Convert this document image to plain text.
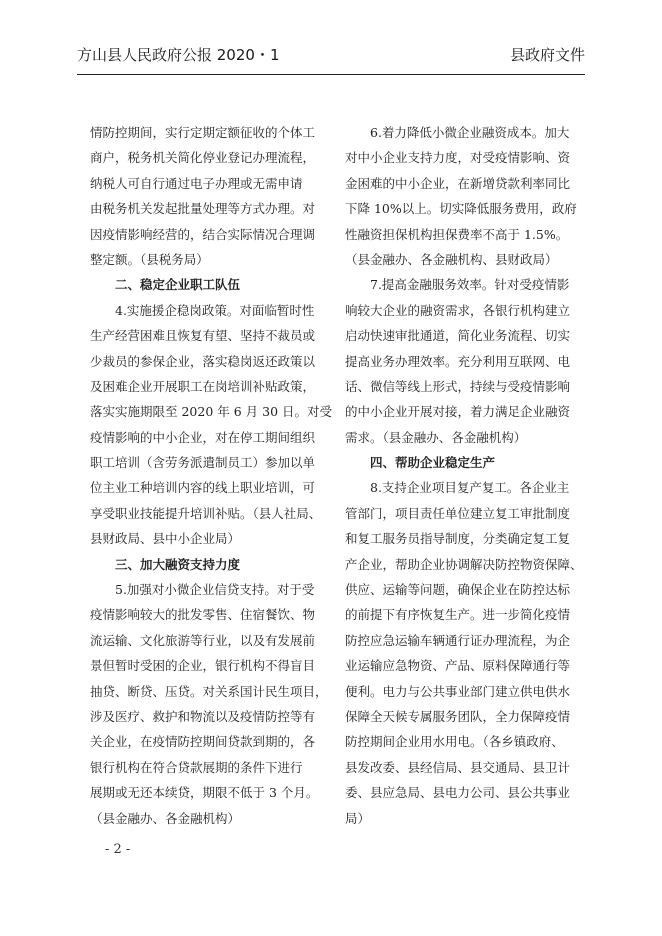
方山县人民政府公报 2020・1	县政府文件
情防控期间，实行定期定额征收的个体工
商户，税务机关简化停业登记办理流程，
纳税人可自行通过电子办理或无需申请
由税务机关发起批量处理等方式办理。对
因疫情影响经营的，结合实际情况合理调
整定额。（县税务局）
二、稳定企业职工队伍
4.实施援企稳岗政策。对面临暂时性
生产经营困难且恢复有望、坚持不裁员或
少裁员的参保企业，落实稳岗返还政策以
及困难企业开展职工在岗培训补贴政策，
落实实施期限至 2020 年 6 月 30 日。对受
疫情影响的中小企业，对在停工期间组织
职工培训（含劳务派遣制员工）参加以单
位主业工种培训内容的线上职业培训，可
享受职业技能提升培训补贴。（县人社局、
县财政局、县中小企业局）
三、加大融资支持力度
5.加强对小微企业信贷支持。对于受
疫情影响较大的批发零售、住宿餐饮、物
流运输、文化旅游等行业，以及有发展前
景但暂时受困的企业，银行机构不得盲目
抽贷、断贷、压贷。对关系国计民生项目，
涉及医疗、救护和物流以及疫情防控等有
关企业，在疫情防控期间贷款到期的，各
银行机构在符合贷款展期的条件下进行
展期或无还本续贷，期限不低于 3 个月。
（县金融办、各金融机构）
6.着力降低小微企业融资成本。加大
对中小企业支持力度，对受疫情影响、资
金困难的中小企业，在新增贷款利率同比
下降 10%以上。切实降低服务费用，政府
性融资担保机构担保费率不高于 1.5%。
（县金融办、各金融机构、县财政局）
7.提高金融服务效率。针对受疫情影
响较大企业的融资需求，各银行机构建立
启动快速审批通道，简化业务流程、切实
提高业务办理效率。充分利用互联网、电
话、微信等线上形式，持续与受疫情影响
的中小企业开展对接，着力满足企业融资
需求。（县金融办、各金融机构）
四、帮助企业稳定生产
8.支持企业项目复产复工。各企业主
管部门，项目责任单位建立复工审批制度
和复工服务员指导制度，分类确定复工复
产企业，帮助企业协调解决防控物资保障、
供应、运输等问题，确保企业在防控达标
的前提下有序恢复生产。进一步简化疫情
防控应急运输车辆通行证办理流程，为企
业运输应急物资、产品、原料保障通行等
便利。电力与公共事业部门建立供电供水
保障全天候专属服务团队，全力保障疫情
防控期间企业用水用电。（各乡镇政府、
县发改委、县经信局、县交通局、县卫计
委、县应急局、县电力公司、县公共事业
局）
- 2 -
